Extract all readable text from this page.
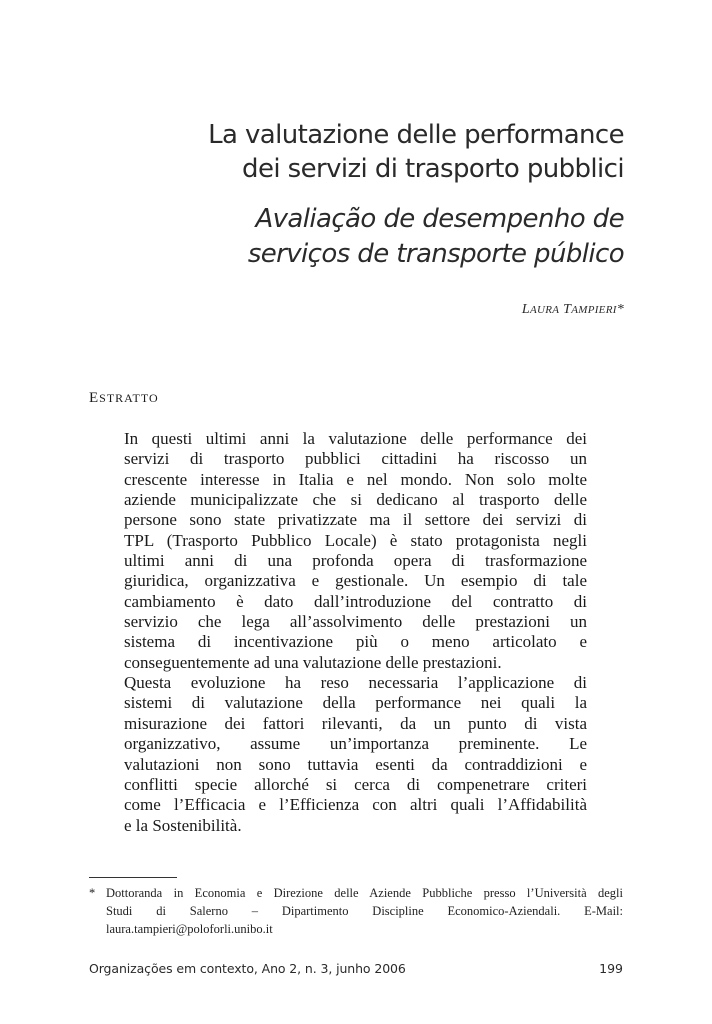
La valutazione delle performance
dei servizi di trasporto pubblici
Avaliação de desempenho de
serviços de transporte público
LAURA TAMPIERI*
ESTRATTO
In questi ultimi anni la valutazione delle performance dei
servizi di trasporto pubblici cittadini ha riscosso un
crescente interesse in Italia e nel mondo. Non solo molte
aziende municipalizzate che si dedicano al trasporto delle
persone sono state privatizzate ma il settore dei servizi di
TPL (Trasporto Pubblico Locale) è stato protagonista negli
ultimi anni di una profonda opera di trasformazione
giuridica, organizzativa e gestionale. Un esempio di tale
cambiamento è dato dall’introduzione del contratto di
servizio che lega all’assolvimento delle prestazioni un
sistema di incentivazione più o meno articolato e
conseguentemente ad una valutazione delle prestazioni.
Questa evoluzione ha reso necessaria l’applicazione di
sistemi di valutazione della performance nei quali la
misurazione dei fattori rilevanti, da un punto di vista
organizzativo, assume un’importanza preminente. Le
valutazioni non sono tuttavia esenti da contraddizioni e
conflitti specie allorché si cerca di compenetrare criteri
come l’Efficacia e l’Efficienza con altri quali l’Affidabilità
e la Sostenibilità.
* Dottoranda in Economia e Direzione delle Aziende Pubbliche presso l’Università degli
Studi di Salerno – Dipartimento Discipline Economico-Aziendali. E-Mail:
laura.tampieri@poloforli.unibo.it
Organizações em contexto, Ano 2, n. 3, junho 2006	199
